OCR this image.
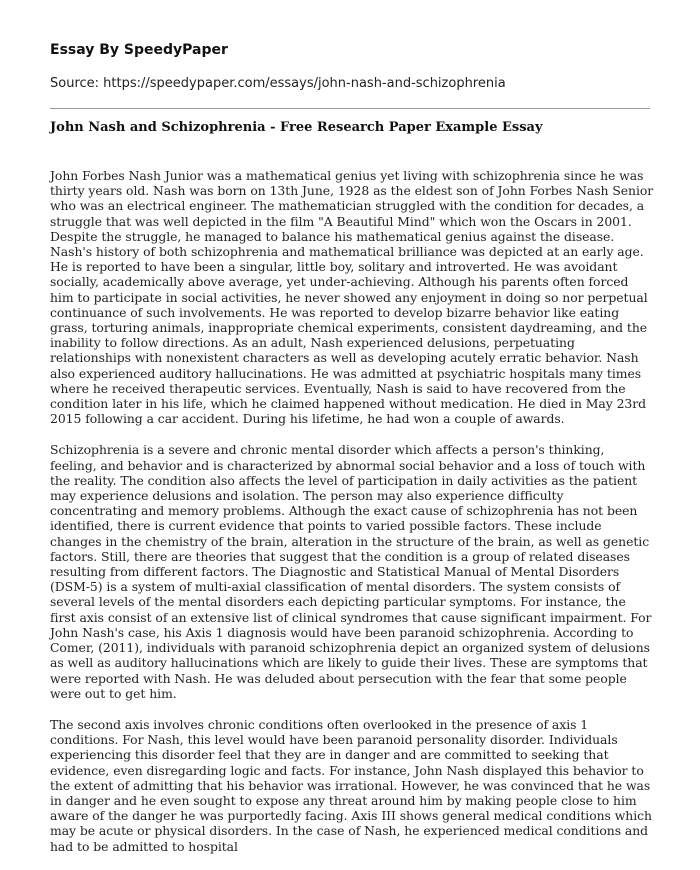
Essay By SpeedyPaper

Source: https://speedypaper.com/essays/john-nash-and-schizophrenia

John Nash and Schizophrenia - Free Research Paper Example Essay

John Forbes Nash Junior was a mathematical genius yet living with schizophrenia since he was thirty years old. Nash was born on 13th June, 1928 as the eldest son of John Forbes Nash Senior who was an electrical engineer. The mathematician struggled with the condition for decades, a struggle that was well depicted in the film "A Beautiful Mind" which won the Oscars in 2001. Despite the struggle, he managed to balance his mathematical genius against the disease. Nash's history of both schizophrenia and mathematical brilliance was depicted at an early age. He is reported to have been a singular, little boy, solitary and introverted. He was avoidant socially, academically above average, yet under-achieving. Although his parents often forced him to participate in social activities, he never showed any enjoyment in doing so nor perpetual continuance of such involvements. He was reported to develop bizarre behavior like eating grass, torturing animals, inappropriate chemical experiments, consistent daydreaming, and the inability to follow directions. As an adult, Nash experienced delusions, perpetuating relationships with nonexistent characters as well as developing acutely erratic behavior. Nash also experienced auditory hallucinations. He was admitted at psychiatric hospitals many times where he received therapeutic services. Eventually, Nash is said to have recovered from the condition later in his life, which he claimed happened without medication. He died in May 23rd 2015 following a car accident. During his lifetime, he had won a couple of awards.

Schizophrenia is a severe and chronic mental disorder which affects a person's thinking, feeling, and behavior and is characterized by abnormal social behavior and a loss of touch with the reality. The condition also affects the level of participation in daily activities as the patient may experience delusions and isolation. The person may also experience difficulty concentrating and memory problems. Although the exact cause of schizophrenia has not been identified, there is current evidence that points to varied possible factors. These include changes in the chemistry of the brain, alteration in the structure of the brain, as well as genetic factors. Still, there are theories that suggest that the condition is a group of related diseases resulting from different factors. The Diagnostic and Statistical Manual of Mental Disorders (DSM-5) is a system of multi-axial classification of mental disorders. The system consists of several levels of the mental disorders each depicting particular symptoms. For instance, the first axis consist of an extensive list of clinical syndromes that cause significant impairment. For John Nash's case, his Axis 1 diagnosis would have been paranoid schizophrenia. According to Comer, (2011), individuals with paranoid schizophrenia depict an organized system of delusions as well as auditory hallucinations which are likely to guide their lives. These are symptoms that were reported with Nash. He was deluded about persecution with the fear that some people were out to get him.

The second axis involves chronic conditions often overlooked in the presence of axis 1 conditions. For Nash, this level would have been paranoid personality disorder. Individuals experiencing this disorder feel that they are in danger and are committed to seeking that evidence, even disregarding logic and facts. For instance, John Nash displayed this behavior to the extent of admitting that his behavior was irrational. However, he was convinced that he was in danger and he even sought to expose any threat around him by making people close to him aware of the danger he was purportedly facing. Axis III shows general medical conditions which may be acute or physical disorders. In the case of Nash, he experienced medical conditions and had to be admitted to hospital
